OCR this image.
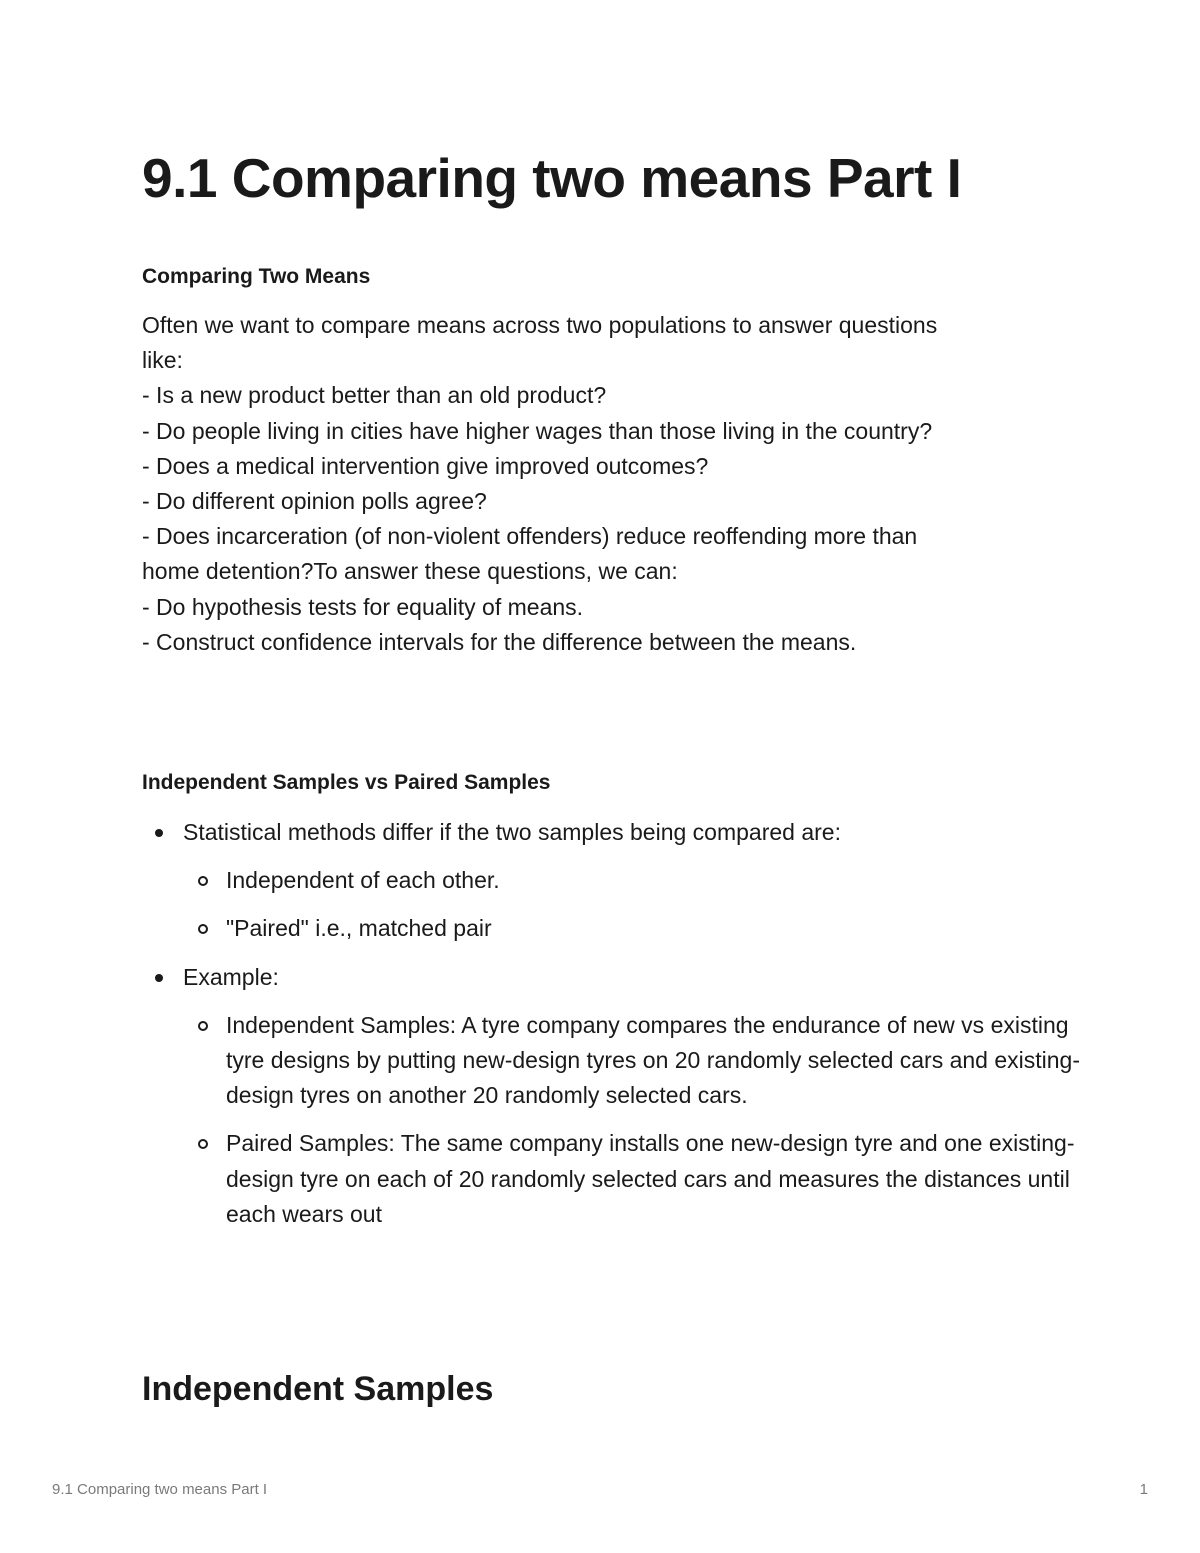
9.1 Comparing two means Part I
Comparing Two Means

Often we want to compare means across two populations to answer questions
like:
- Is a new product better than an old product?
- Do people living in cities have higher wages than those living in the country?
- Does a medical intervention give improved outcomes?
- Do different opinion polls agree?
- Does incarceration (of non-violent offenders) reduce reoffending more than
home detention?To answer these questions, we can:
- Do hypothesis tests for equality of means.
- Construct confidence intervals for the difference between the means.

Independent Samples vs Paired Samples
Statistical methods differ if the two samples being compared are:
Independent of each other.
"Paired" i.e., matched pair
Example:
Independent Samples: A tyre company compares the endurance of new vs existing tyre designs by putting new-design tyres on 20 randomly selected cars and existing-design tyres on another 20 randomly selected cars.
Paired Samples: The same company installs one new-design tyre and one existing-design tyre on each of 20 randomly selected cars and measures the distances until each wears out
Independent Samples
9.1 Comparing two means Part I	1
